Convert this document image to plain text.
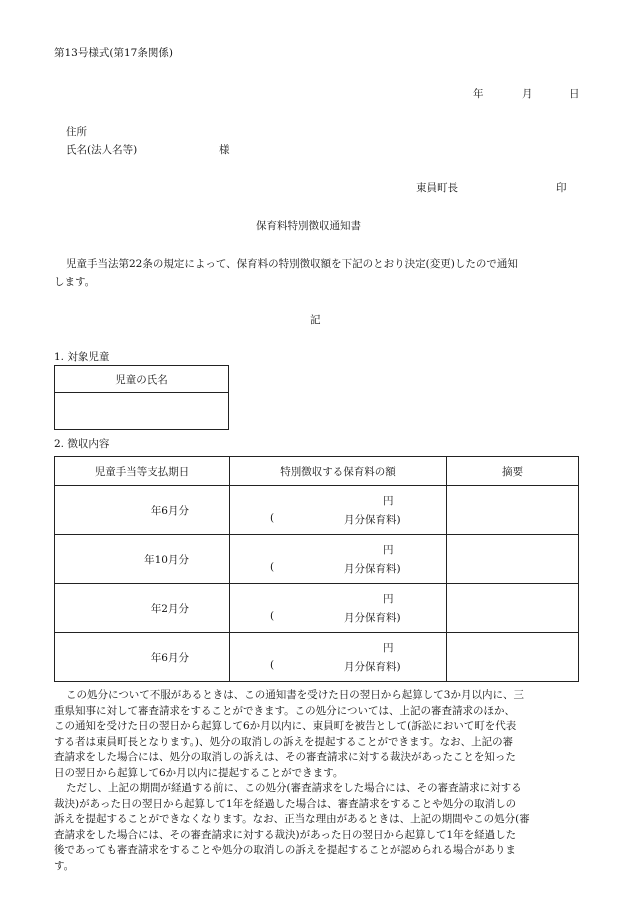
第13号様式(第17条関係)
年	月	日
住所
氏名(法人名等)	様
東員町長	印
保育料特別徴収通知書
児童手当法第22条の規定によって、保育料の特別徴収額を下記のとおり決定(変更)したので通知
します。
記
1. 対象児童
児童の氏名

2. 徴収内容
児童手当等支払期日	特別徴収する保育料の額	摘要
年6月分	円
( 月分保育料)	

年10月分	円
( 月分保育料)	

年2月分	円
( 月分保育料)	

年6月分	円
( 月分保育料)	

この処分について不服があるときは、この通知書を受けた日の翌日から起算して3か月以内に、三
重県知事に対して審査請求をすることができます。この処分については、上記の審査請求のほか、
この通知を受けた日の翌日から起算して6か月以内に、東員町を被告として(訴訟において町を代表
する者は東員町長となります。)、処分の取消しの訴えを提起することができます。なお、上記の審
査請求をした場合には、処分の取消しの訴えは、その審査請求に対する裁決があったことを知った
日の翌日から起算して6か月以内に提起することができます。
ただし、上記の期間が経過する前に、この処分(審査請求をした場合には、その審査請求に対する
裁決)があった日の翌日から起算して1年を経過した場合は、審査請求をすることや処分の取消しの
訴えを提起することができなくなります。なお、正当な理由があるときは、上記の期間やこの処分(審
査請求をした場合には、その審査請求に対する裁決)があった日の翌日から起算して1年を経過した
後であっても審査請求をすることや処分の取消しの訴えを提起することが認められる場合がありま
す。
